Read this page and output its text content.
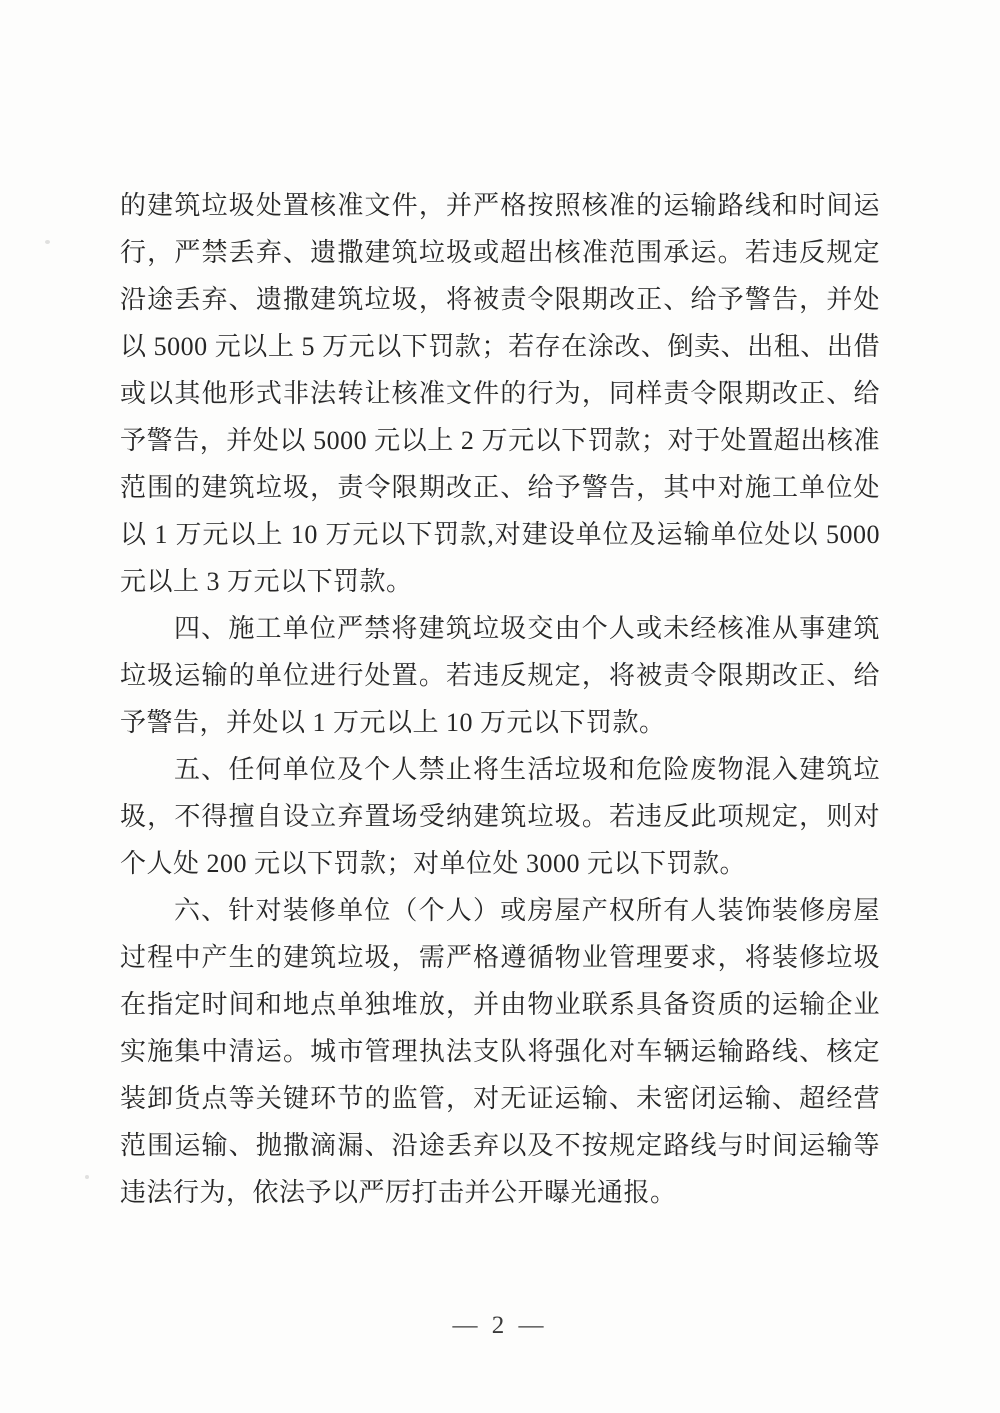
的建筑垃圾处置核准文件，并严格按照核准的运输路线和时间运
行，严禁丢弃、遗撒建筑垃圾或超出核准范围承运。若违反规定
沿途丢弃、遗撒建筑垃圾，将被责令限期改正、给予警告，并处
以 5000 元以上 5 万元以下罚款；若存在涂改、倒卖、出租、出借
或以其他形式非法转让核准文件的行为，同样责令限期改正、给
予警告，并处以 5000 元以上 2 万元以下罚款；对于处置超出核准
范围的建筑垃圾，责令限期改正、给予警告，其中对施工单位处
以 1 万元以上 10 万元以下罚款,对建设单位及运输单位处以 5000
元以上 3 万元以下罚款。
四、施工单位严禁将建筑垃圾交由个人或未经核准从事建筑
垃圾运输的单位进行处置。若违反规定，将被责令限期改正、给
予警告，并处以 1 万元以上 10 万元以下罚款。
五、任何单位及个人禁止将生活垃圾和危险废物混入建筑垃
圾，不得擅自设立弃置场受纳建筑垃圾。若违反此项规定，则对
个人处 200 元以下罚款；对单位处 3000 元以下罚款。
六、针对装修单位（个人）或房屋产权所有人装饰装修房屋
过程中产生的建筑垃圾，需严格遵循物业管理要求，将装修垃圾
在指定时间和地点单独堆放，并由物业联系具备资质的运输企业
实施集中清运。城市管理执法支队将强化对车辆运输路线、核定
装卸货点等关键环节的监管，对无证运输、未密闭运输、超经营
范围运输、抛撒滴漏、沿途丢弃以及不按规定路线与时间运输等
违法行为，依法予以严厉打击并公开曝光通报。
— 2 —
